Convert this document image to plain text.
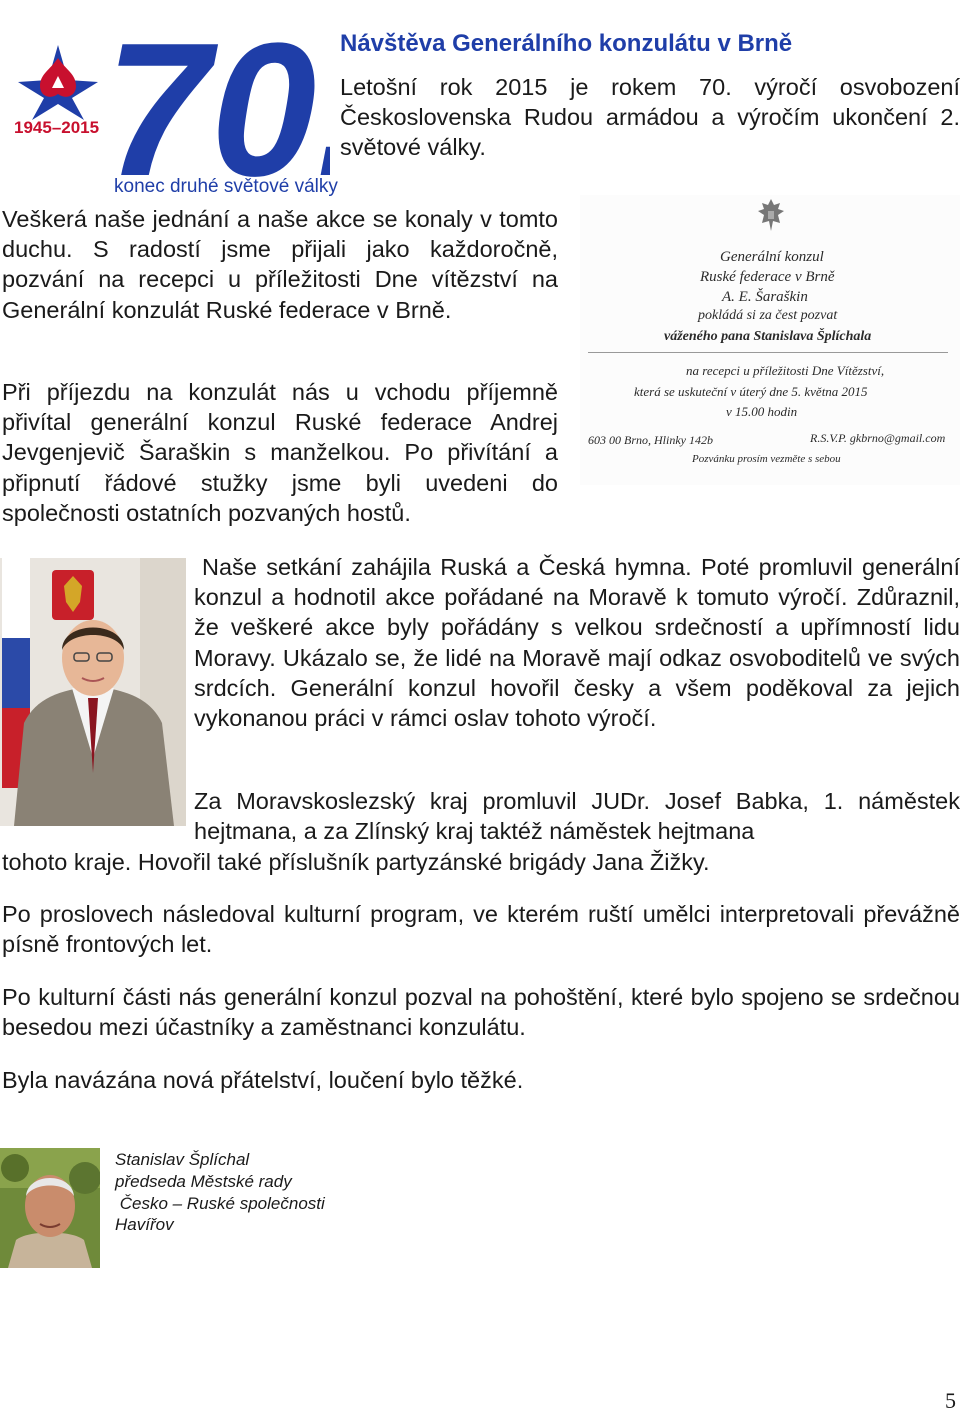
70
1945–2015
konec druhé světové války
Návštěva Generálního konzulátu v Brně

Letošní rok 2015 je rokem 70. výročí osvobození Československa Rudou armádou a výročím ukončení 2. světové války.

Veškerá naše jednání a naše akce se konaly v tomto duchu. S radostí jsme přijali jako každoročně, pozvání na recepci u příležitosti Dne vítězství na Generální konzulát Ruské federace v Brně.

Při příjezdu na konzulát nás u vchodu příjemně přivítal generální konzul Ruské federace Andrej Jevgenjevič Šaraškin s manželkou. Po přivítání a připnutí řádové stužky jsme byli uvedeni do společnosti ostatních pozvaných hostů.

Generální konzul
Ruské federace v Brně
A. E. Šaraškin
pokládá si za čest pozvat
váženého pana Stanislava Šplíchala
na recepci u příležitosti Dne Vítězství,
která se uskuteční v úterý dne 5. května 2015
v 15.00 hodin
603 00 Brno, Hlinky 142b	R.S.V.P. gkbrno@gmail.com
Pozvánku prosím vezměte s sebou

Naše setkání zahájila Ruská a Česká hymna. Poté promluvil generální konzul a hodnotil akce pořádané na Moravě k tomuto výročí. Zdůraznil, že veškeré akce byly pořádány s velkou srdečností a upřímností lidu Moravy. Ukázalo se, že lidé na Moravě mají odkaz osvoboditelů ve svých srdcích. Generální konzul hovořil česky a všem poděkoval za jejich vykonanou práci v rámci oslav tohoto výročí.

Za Moravskoslezský kraj promluvil JUDr. Josef Babka, 1. náměstek hejtmana, a za Zlínský kraj taktéž náměstek hejtmana

tohoto kraje. Hovořil také příslušník partyzánské brigády Jana Žižky.

Po proslovech následoval kulturní program, ve kterém ruští umělci interpretovali převážně písně frontových let.

Po kulturní části nás generální konzul pozval na pohoštění, které bylo spojeno se srdečnou besedou mezi účastníky a zaměstnanci konzulátu.

Byla navázána nová přátelství, loučení bylo těžké.

Stanislav Šplíchal
předseda Městské rady
Česko – Ruské společnosti
Havířov
5
